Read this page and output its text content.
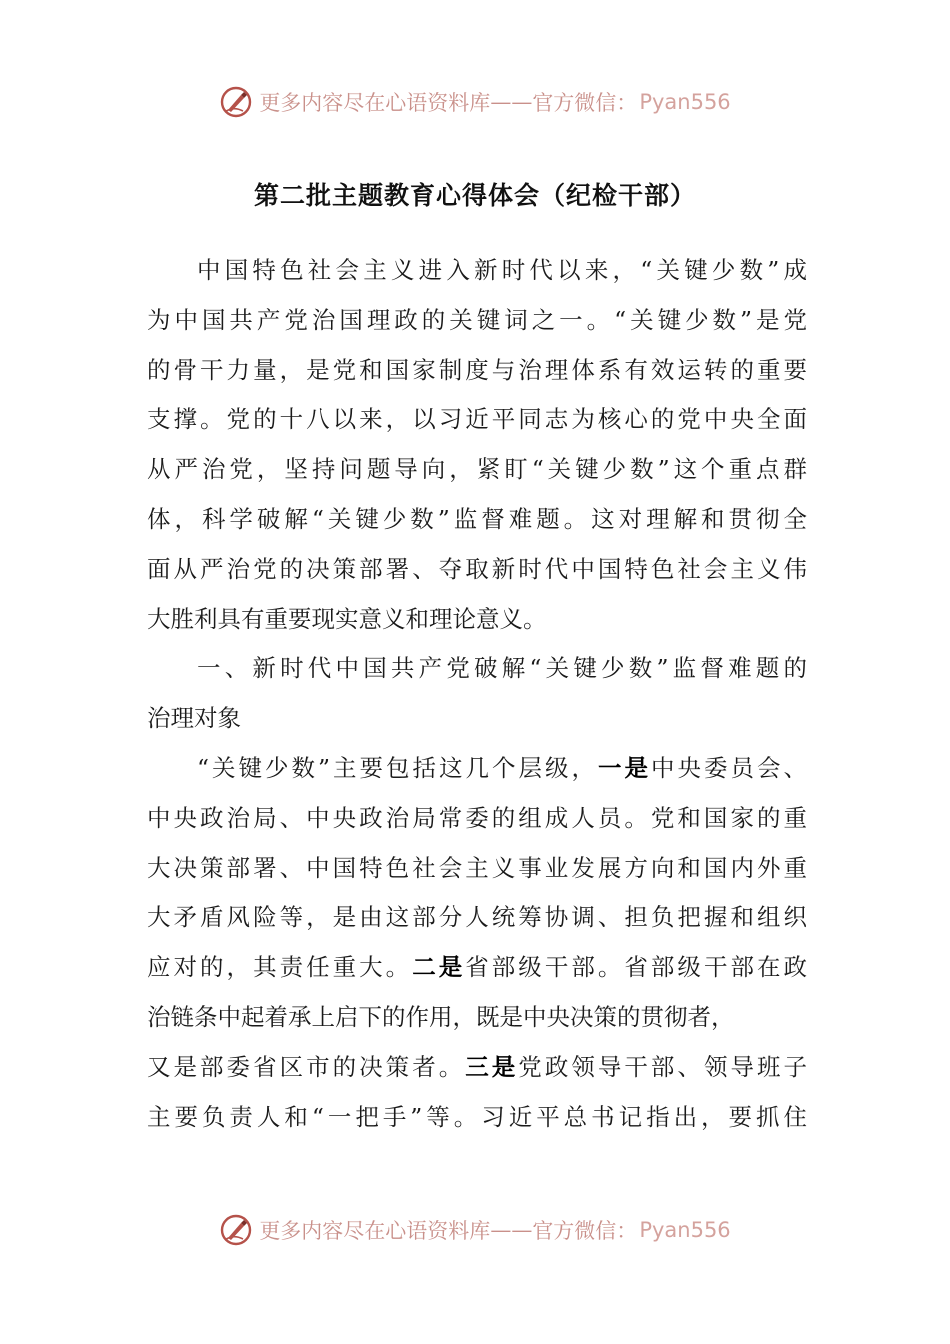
更多内容尽在心语资料库 —— 官方微信： Pyan556
第二批主题教育心得体会（纪检干部）
中国特色社会主义进入新时代以来，“关键少数”成
为中国共产党治国理政的关键词之一。“关键少数”是党
的骨干力量，是党和国家制度与治理体系有效运转的重要
支撑。党的十八以来，以习近平同志为核心的党中央全面
从严治党，坚持问题导向，紧盯“关键少数”这个重点群
体，科学破解“关键少数”监督难题。这对理解和贯彻全
面从严治党的决策部署、夺取新时代中国特色社会主义伟
大胜利具有重要现实意义和理论意义。
一、新时代中国共产党破解“关键少数”监督难题的
治理对象
“关键少数”主要包括这几个层级，一是中央委员会、
中央政治局、中央政治局常委的组成人员。党和国家的重
大决策部署、中国特色社会主义事业发展方向和国内外重
大矛盾风险等，是由这部分人统筹协调、担负把握和组织
应对的，其责任重大。二是省部级干部。省部级干部在政
治链条中起着承上启下的作用，既是中央决策的贯彻者，
又是部委省区市的决策者。三是党政领导干部、领导班子
主要负责人和“一把手”等。习近平总书记指出，要抓住
更多内容尽在心语资料库 —— 官方微信： Pyan556
